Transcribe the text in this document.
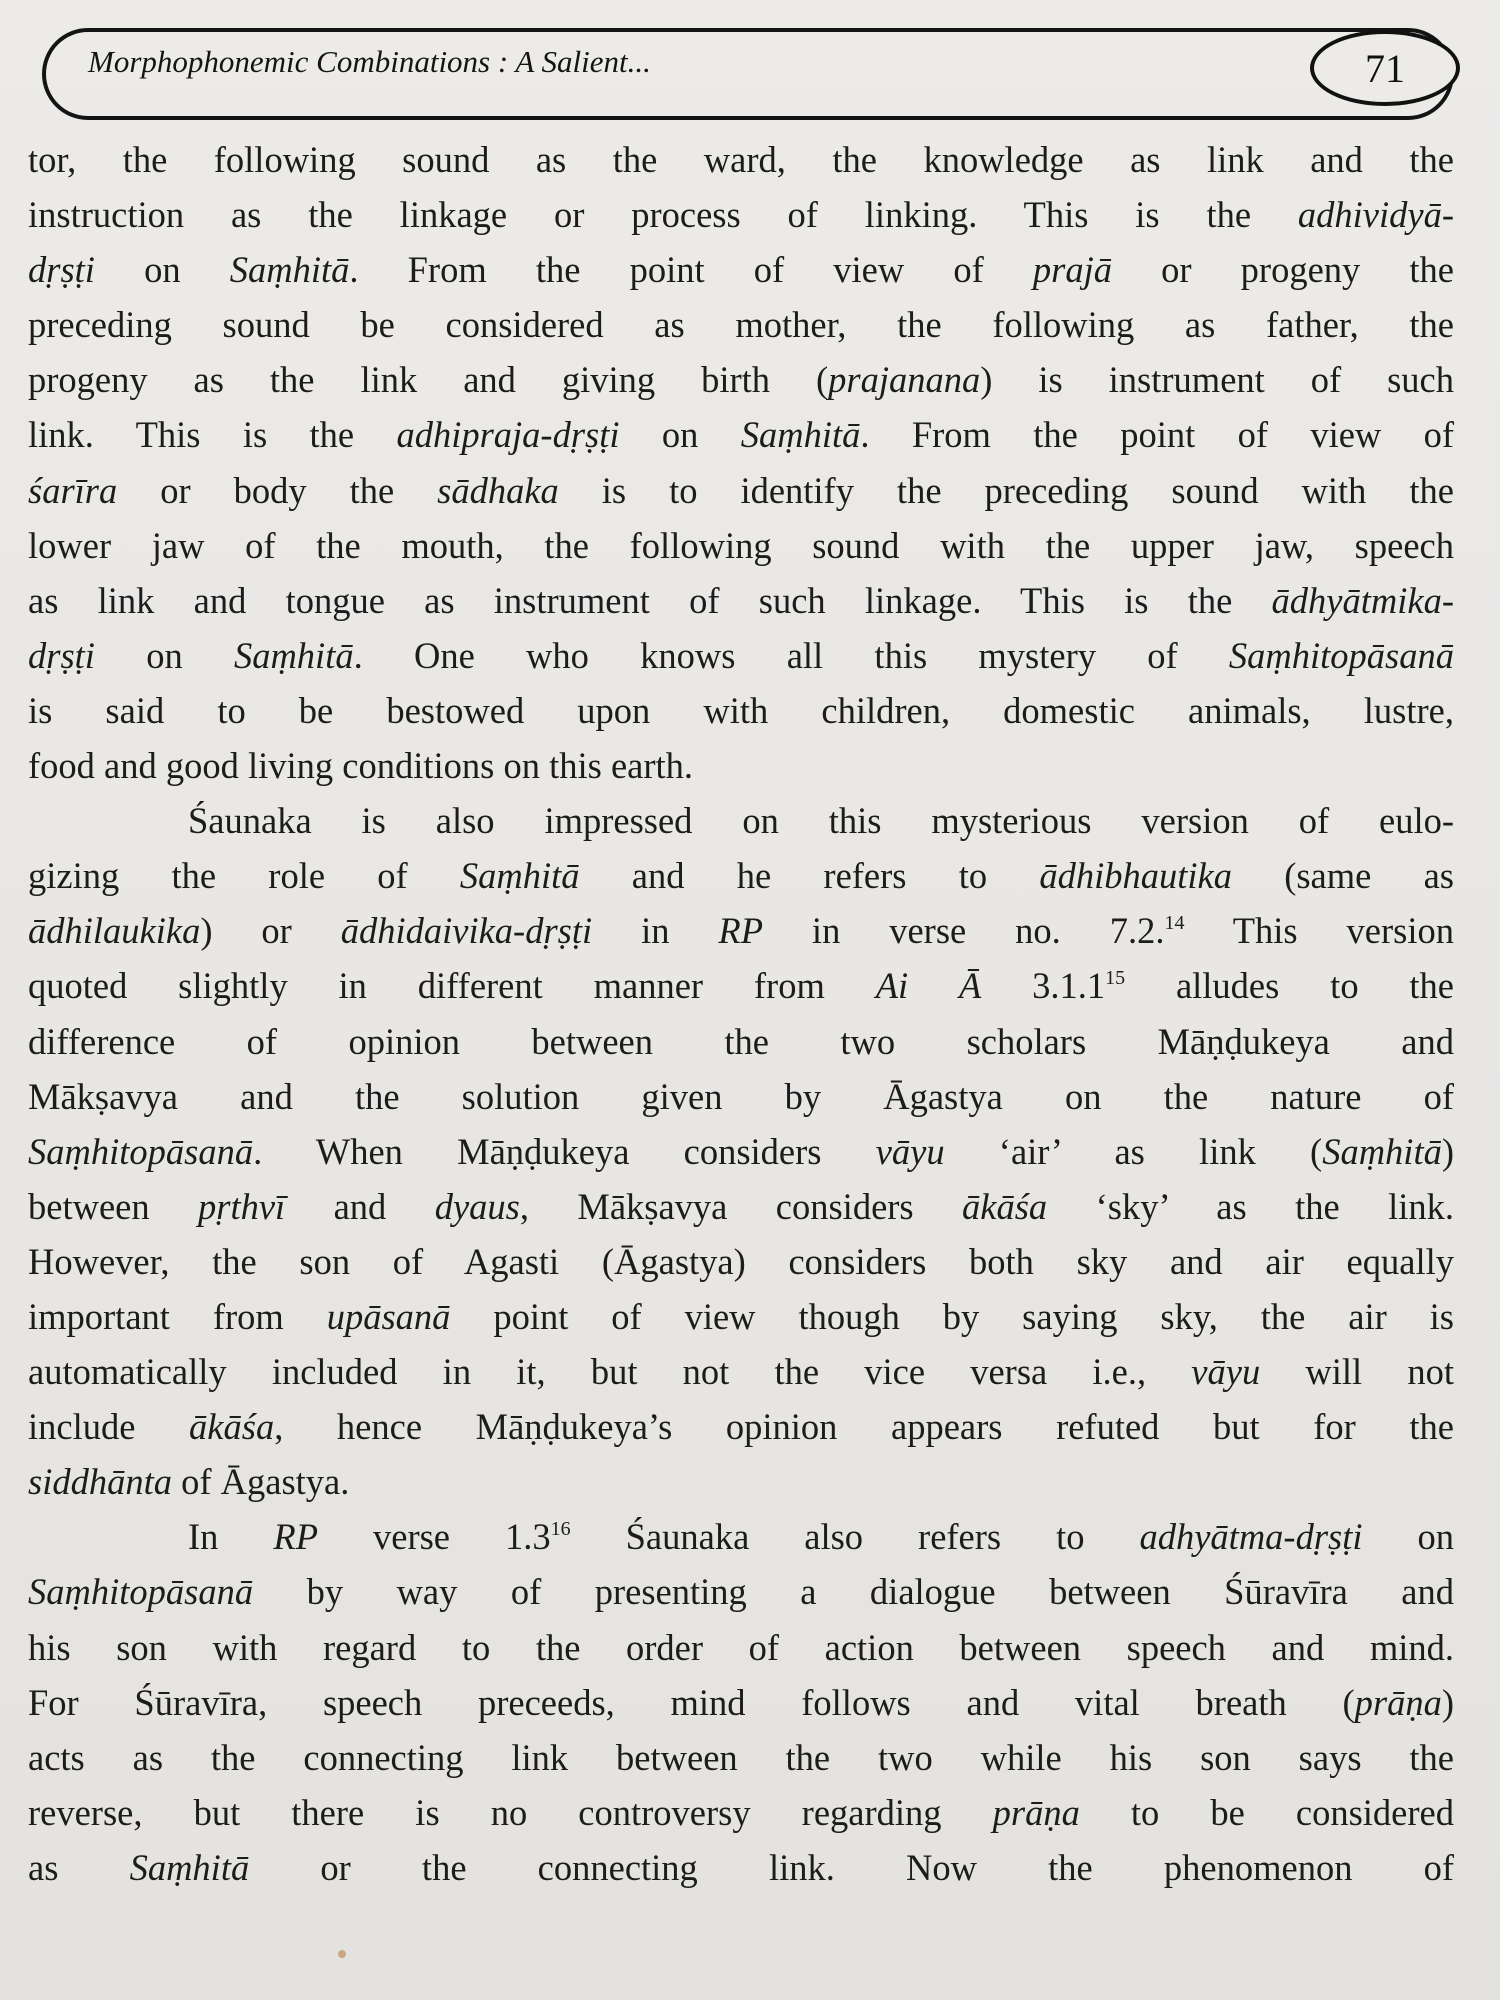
Morphophonemic Combinations : A Salient...	71
tor, the following sound as the ward, the knowledge as link and the
instruction as the linkage or process of linking. This is the adhividyā-
dṛṣṭi on Saṃhitā. From the point of view of prajā or progeny the
preceding sound be considered as mother, the following as father, the
progeny as the link and giving birth (prajanana) is instrument of such
link. This is the adhipraja-dṛṣṭi on Saṃhitā. From the point of view of
śarīra or body the sādhaka is to identify the preceding sound with the
lower jaw of the mouth, the following sound with the upper jaw, speech
as link and tongue as instrument of such linkage. This is the ādhyātmika-
dṛṣṭi on Saṃhitā. One who knows all this mystery of Saṃhitopāsanā
is said to be bestowed upon with children, domestic animals, lustre,
food and good living conditions on this earth.
Śaunaka is also impressed on this mysterious version of eulo-
gizing the role of Saṃhitā and he refers to ādhibhautika (same as
ādhilaukika) or ādhidaivika-dṛṣṭi in RP in verse no. 7.2.14 This version
quoted slightly in different manner from Ai Ā 3.1.1$^{15}$ alludes to the
difference of opinion between the two scholars Māṇḍukeya and
Mākṣavya and the solution given by Āgastya on the nature of
Saṃhitopāsanā. When Māṇḍukeya considers vāyu ‘air’ as link (Saṃhitā)
between pṛthvī and dyaus, Mākṣavya considers ākāśa ‘sky’ as the link.
However, the son of Agasti (Āgastya) considers both sky and air equally
important from upāsanā point of view though by saying sky, the air is
automatically included in it, but not the vice versa i.e., vāyu will not
include ākāśa, hence Māṇḍukeya’s opinion appears refuted but for the
siddhānta of Āgastya.
In RP verse $1.3^{16}$ Śaunaka also refers to adhyātma-dṛṣṭi on
Saṃhitopāsanā by way of presenting a dialogue between Śūravīra and
his son with regard to the order of action between speech and mind.
For Śūravīra, speech preceeds, mind follows and vital breath (prāṇa)
acts as the connecting link between the two while his son says the
reverse, but there is no controversy regarding prāṇa to be considered
as Saṃhitā or the connecting link. Now the phenomenon of
